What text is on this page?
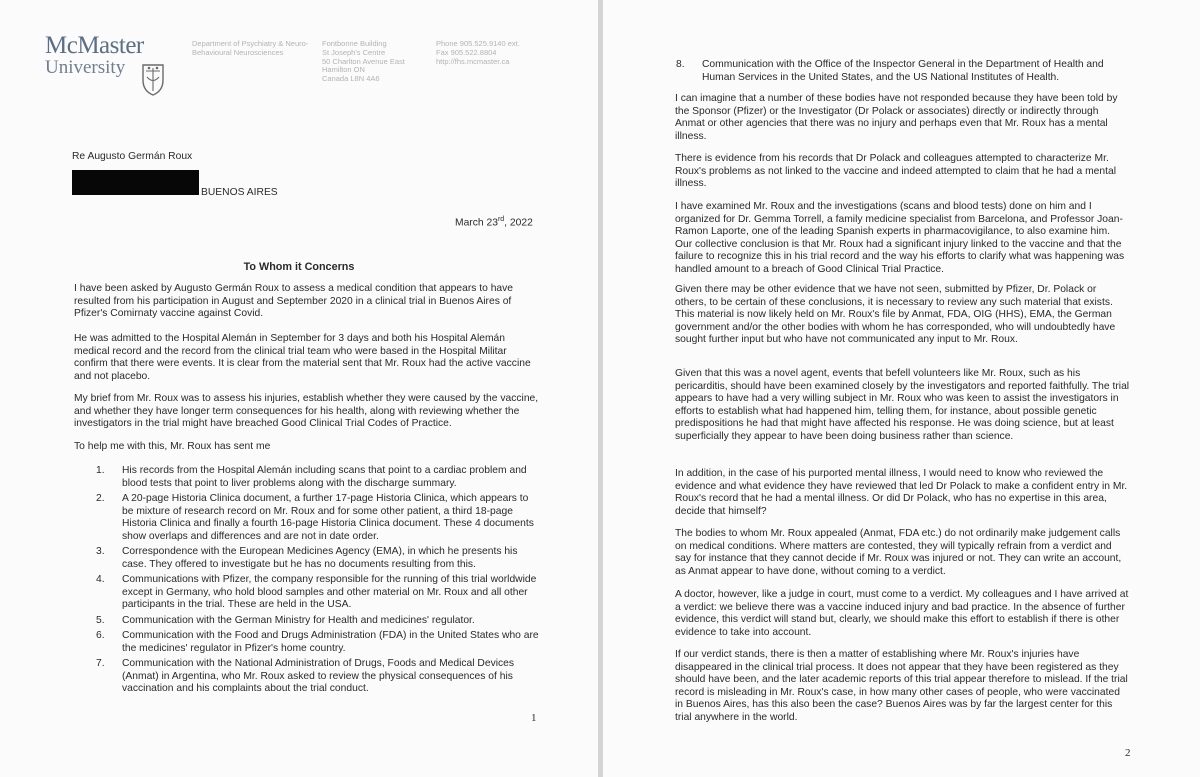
McMaster
University

Department of Psychiatry & Neuro-
Behavioural Neurosciences

Fontbonne Building
St Joseph's Centre
50 Charlton Avenue East
Hamilton ON
Canada L8N 4A6

Phone 905.525.9140 ext.
Fax 905.522.8804
http://fhs.mcmaster.ca

Re Augusto Germán Roux

BUENOS AIRES

March 23rd, 2022

To Whom it Concerns

I have been asked by Augusto Germán Roux to assess a medical condition that appears to have resulted from his participation in August and September 2020 in a clinical trial in Buenos Aires of Pfizer's Comirnaty vaccine against Covid.

He was admitted to the Hospital Alemán in September for 3 days and both his Hospital Alemán medical record and the record from the clinical trial team who were based in the Hospital Militar confirm that there were events. It is clear from the material sent that Mr. Roux had the active vaccine and not placebo.

My brief from Mr. Roux was to assess his injuries, establish whether they were caused by the vaccine, and whether they have longer term consequences for his health, along with reviewing whether the investigators in the trial might have breached Good Clinical Trial Codes of Practice.

To help me with this, Mr. Roux has sent me

1. His records from the Hospital Alemán including scans that point to a cardiac problem and blood tests that point to liver problems along with the discharge summary.
2. A 20-page Historia Clinica document, a further 17-page Historia Clinica, which appears to be mixture of research record on Mr. Roux and for some other patient, a third 18-page Historia Clinica and finally a fourth 16-page Historia Clinica document. These 4 documents show overlaps and differences and are not in date order.
3. Correspondence with the European Medicines Agency (EMA), in which he presents his case. They offered to investigate but he has no documents resulting from this.
4. Communications with Pfizer, the company responsible for the running of this trial worldwide except in Germany, who hold blood samples and other material on Mr. Roux and all other participants in the trial. These are held in the USA.
5. Communication with the German Ministry for Health and medicines' regulator.
6. Communication with the Food and Drugs Administration (FDA) in the United States who are the medicines' regulator in Pfizer's home country.
7. Communication with the National Administration of Drugs, Foods and Medical Devices (Anmat) in Argentina, who Mr. Roux asked to review the physical consequences of his vaccination and his complaints about the trial conduct.

1

8. Communication with the Office of the Inspector General in the Department of Health and Human Services in the United States, and the US National Institutes of Health.

I can imagine that a number of these bodies have not responded because they have been told by the Sponsor (Pfizer) or the Investigator (Dr Polack or associates) directly or indirectly through Anmat or other agencies that there was no injury and perhaps even that Mr. Roux has a mental illness.

There is evidence from his records that Dr Polack and colleagues attempted to characterize Mr. Roux's problems as not linked to the vaccine and indeed attempted to claim that he had a mental illness.

I have examined Mr. Roux and the investigations (scans and blood tests) done on him and I organized for Dr. Gemma Torrell, a family medicine specialist from Barcelona, and Professor Joan-Ramon Laporte, one of the leading Spanish experts in pharmacovigilance, to also examine him. Our collective conclusion is that Mr. Roux had a significant injury linked to the vaccine and that the failure to recognize this in his trial record and the way his efforts to clarify what was happening was handled amount to a breach of Good Clinical Trial Practice.

Given there may be other evidence that we have not seen, submitted by Pfizer, Dr. Polack or others, to be certain of these conclusions, it is necessary to review any such material that exists. This material is now likely held on Mr. Roux's file by Anmat, FDA, OIG (HHS), EMA, the German government and/or the other bodies with whom he has corresponded, who will undoubtedly have sought further input but who have not communicated any input to Mr. Roux.

Given that this was a novel agent, events that befell volunteers like Mr. Roux, such as his pericarditis, should have been examined closely by the investigators and reported faithfully. The trial appears to have had a very willing subject in Mr. Roux who was keen to assist the investigators in efforts to establish what had happened him, telling them, for instance, about possible genetic predispositions he had that might have affected his response. He was doing science, but at least superficially they appear to have been doing business rather than science.

In addition, in the case of his purported mental illness, I would need to know who reviewed the evidence and what evidence they have reviewed that led Dr Polack to make a confident entry in Mr. Roux's record that he had a mental illness. Or did Dr Polack, who has no expertise in this area, decide that himself?

The bodies to whom Mr. Roux appealed (Anmat, FDA etc.) do not ordinarily make judgement calls on medical conditions. Where matters are contested, they will typically refrain from a verdict and say for instance that they cannot decide if Mr. Roux was injured or not. They can write an account, as Anmat appear to have done, without coming to a verdict.

A doctor, however, like a judge in court, must come to a verdict. My colleagues and I have arrived at a verdict: we believe there was a vaccine induced injury and bad practice. In the absence of further evidence, this verdict will stand but, clearly, we should make this effort to establish if there is other evidence to take into account.

If our verdict stands, there is then a matter of establishing where Mr. Roux's injuries have disappeared in the clinical trial process. It does not appear that they have been registered as they should have been, and the later academic reports of this trial appear therefore to mislead. If the trial record is misleading in Mr. Roux's case, in how many other cases of people, who were vaccinated in Buenos Aires, has this also been the case? Buenos Aires was by far the largest center for this trial anywhere in the world.

2
